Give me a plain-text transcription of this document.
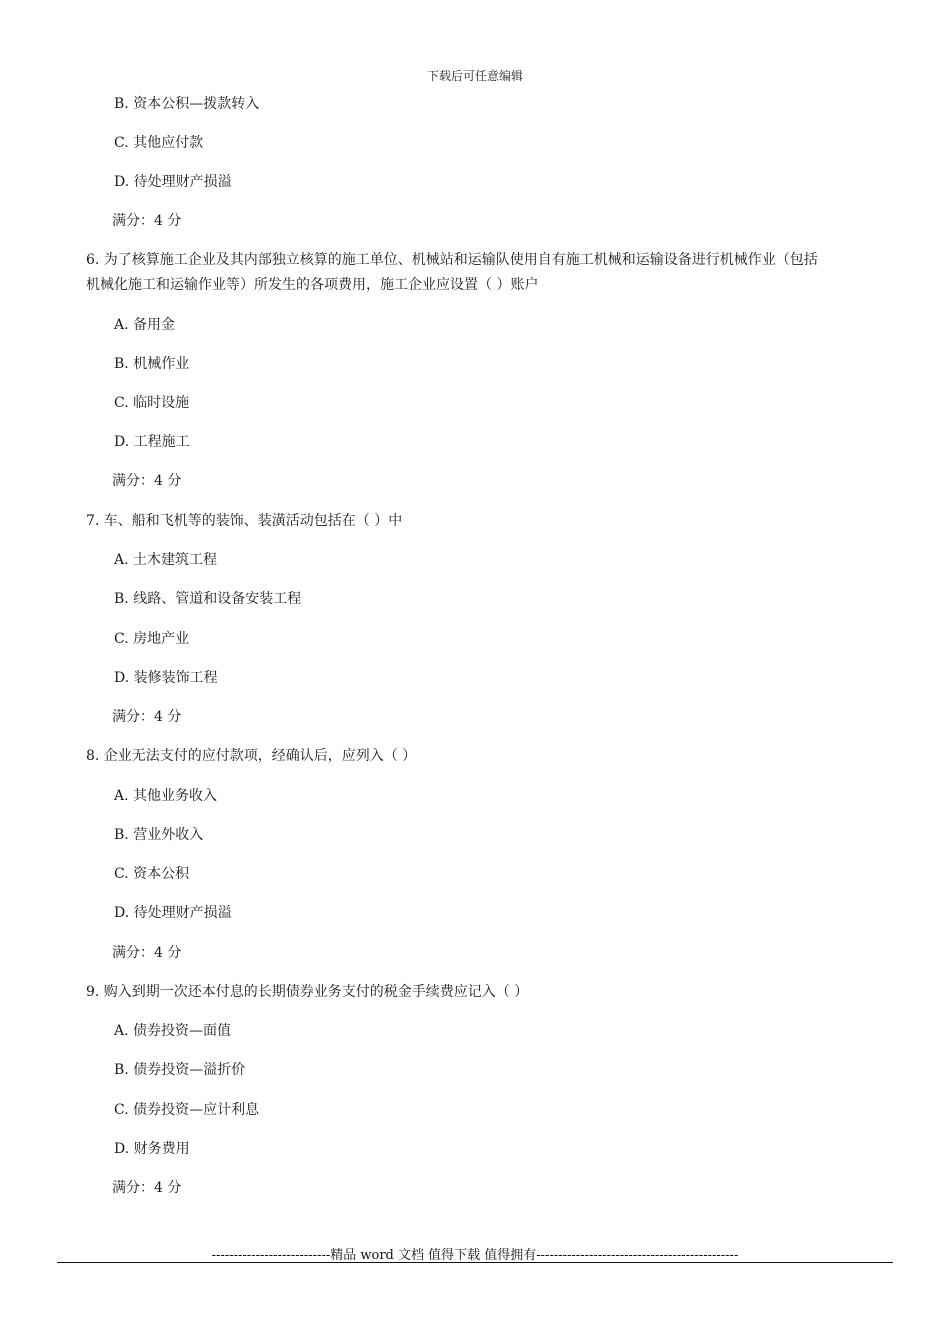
下载后可任意编辑
B. 资本公积—拨款转入
C. 其他应付款
D. 待处理财产损溢
满分：4 分
6. 为了核算施工企业及其内部独立核算的施工单位、机械站和运输队使用自有施工机械和运输设备进行机械作业（包括
机械化施工和运输作业等）所发生的各项费用，施工企业应设置（ ）账户
A. 备用金
B. 机械作业
C. 临时设施
D. 工程施工
满分：4 分
7. 车、船和飞机等的装饰、装潢活动包括在（ ）中
A. 土木建筑工程
B. 线路、管道和设备安装工程
C. 房地产业
D. 装修装饰工程
满分：4 分
8. 企业无法支付的应付款项，经确认后，应列入（ ）
A. 其他业务收入
B. 营业外收入
C. 资本公积
D. 待处理财产损溢
满分：4 分
9. 购入到期一次还本付息的长期债券业务支付的税金手续费应记入（ ）
A. 债券投资—面值
B. 债券投资—溢折价
C. 债券投资—应计利息
D. 财务费用
满分：4 分
---------------------------精品 word 文档 值得下载 值得拥有----------------------------------------------
